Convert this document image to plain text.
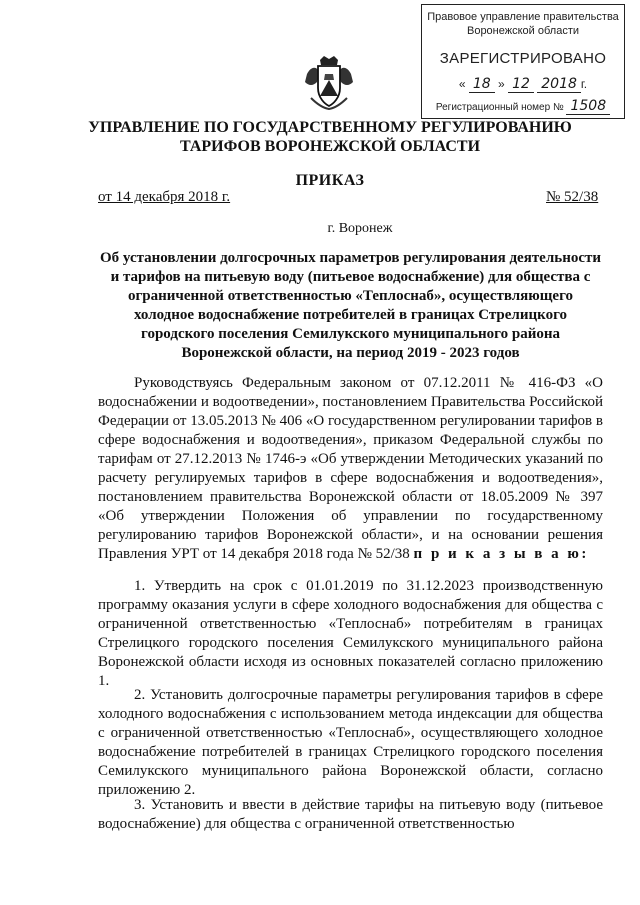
Правовое управление правительства
Воронежской области
ЗАРЕГИСТРИРОВАНО
« 18 » 12 2018 г.
Регистрационный номер № 1508
УПРАВЛЕНИЕ ПО ГОСУДАРСТВЕННОМУ РЕГУЛИРОВАНИЮ
ТАРИФОВ ВОРОНЕЖСКОЙ ОБЛАСТИ
ПРИКАЗ
от 14 декабря 2018 г.	№ 52/38
г. Воронеж
Об установлении долгосрочных параметров регулирования деятельности и тарифов на питьевую воду (питьевое водоснабжение) для общества с ограниченной ответственностью «Теплоснаб», осуществляющего холодное водоснабжение потребителей в границах Стрелицкого городского поселения Семилукского муниципального района Воронежской области, на период 2019 - 2023 годов
Руководствуясь Федеральным законом от 07.12.2011 № 416-ФЗ «О водоснабжении и водоотведении», постановлением Правительства Российской Федерации от 13.05.2013 № 406 «О государственном регулировании тарифов в сфере водоснабжения и водоотведения», приказом Федеральной службы по тарифам от 27.12.2013 № 1746-э «Об утверждении Методических указаний по расчету регулируемых тарифов в сфере водоснабжения и водоотведения», постановлением правительства Воронежской области от 18.05.2009 № 397 «Об утверждении Положения об управлении по государственному регулированию тарифов Воронежской области», и на основании решения Правления УРТ от 14 декабря 2018 года № 52/38 п р и к а з ы в а ю:
1. Утвердить на срок с 01.01.2019 по 31.12.2023 производственную программу оказания услуги в сфере холодного водоснабжения для общества с ограниченной ответственностью «Теплоснаб» потребителям в границах Стрелицкого городского поселения Семилукского муниципального района Воронежской области исходя из основных показателей согласно приложению 1.
2. Установить долгосрочные параметры регулирования тарифов в сфере холодного водоснабжения с использованием метода индексации для общества с ограниченной ответственностью «Теплоснаб», осуществляющего холодное водоснабжение потребителей в границах Стрелицкого городского поселения Семилукского муниципального района Воронежской области, согласно приложению 2.
3. Установить и ввести в действие тарифы на питьевую воду (питьевое водоснабжение) для общества с ограниченной ответственностью
